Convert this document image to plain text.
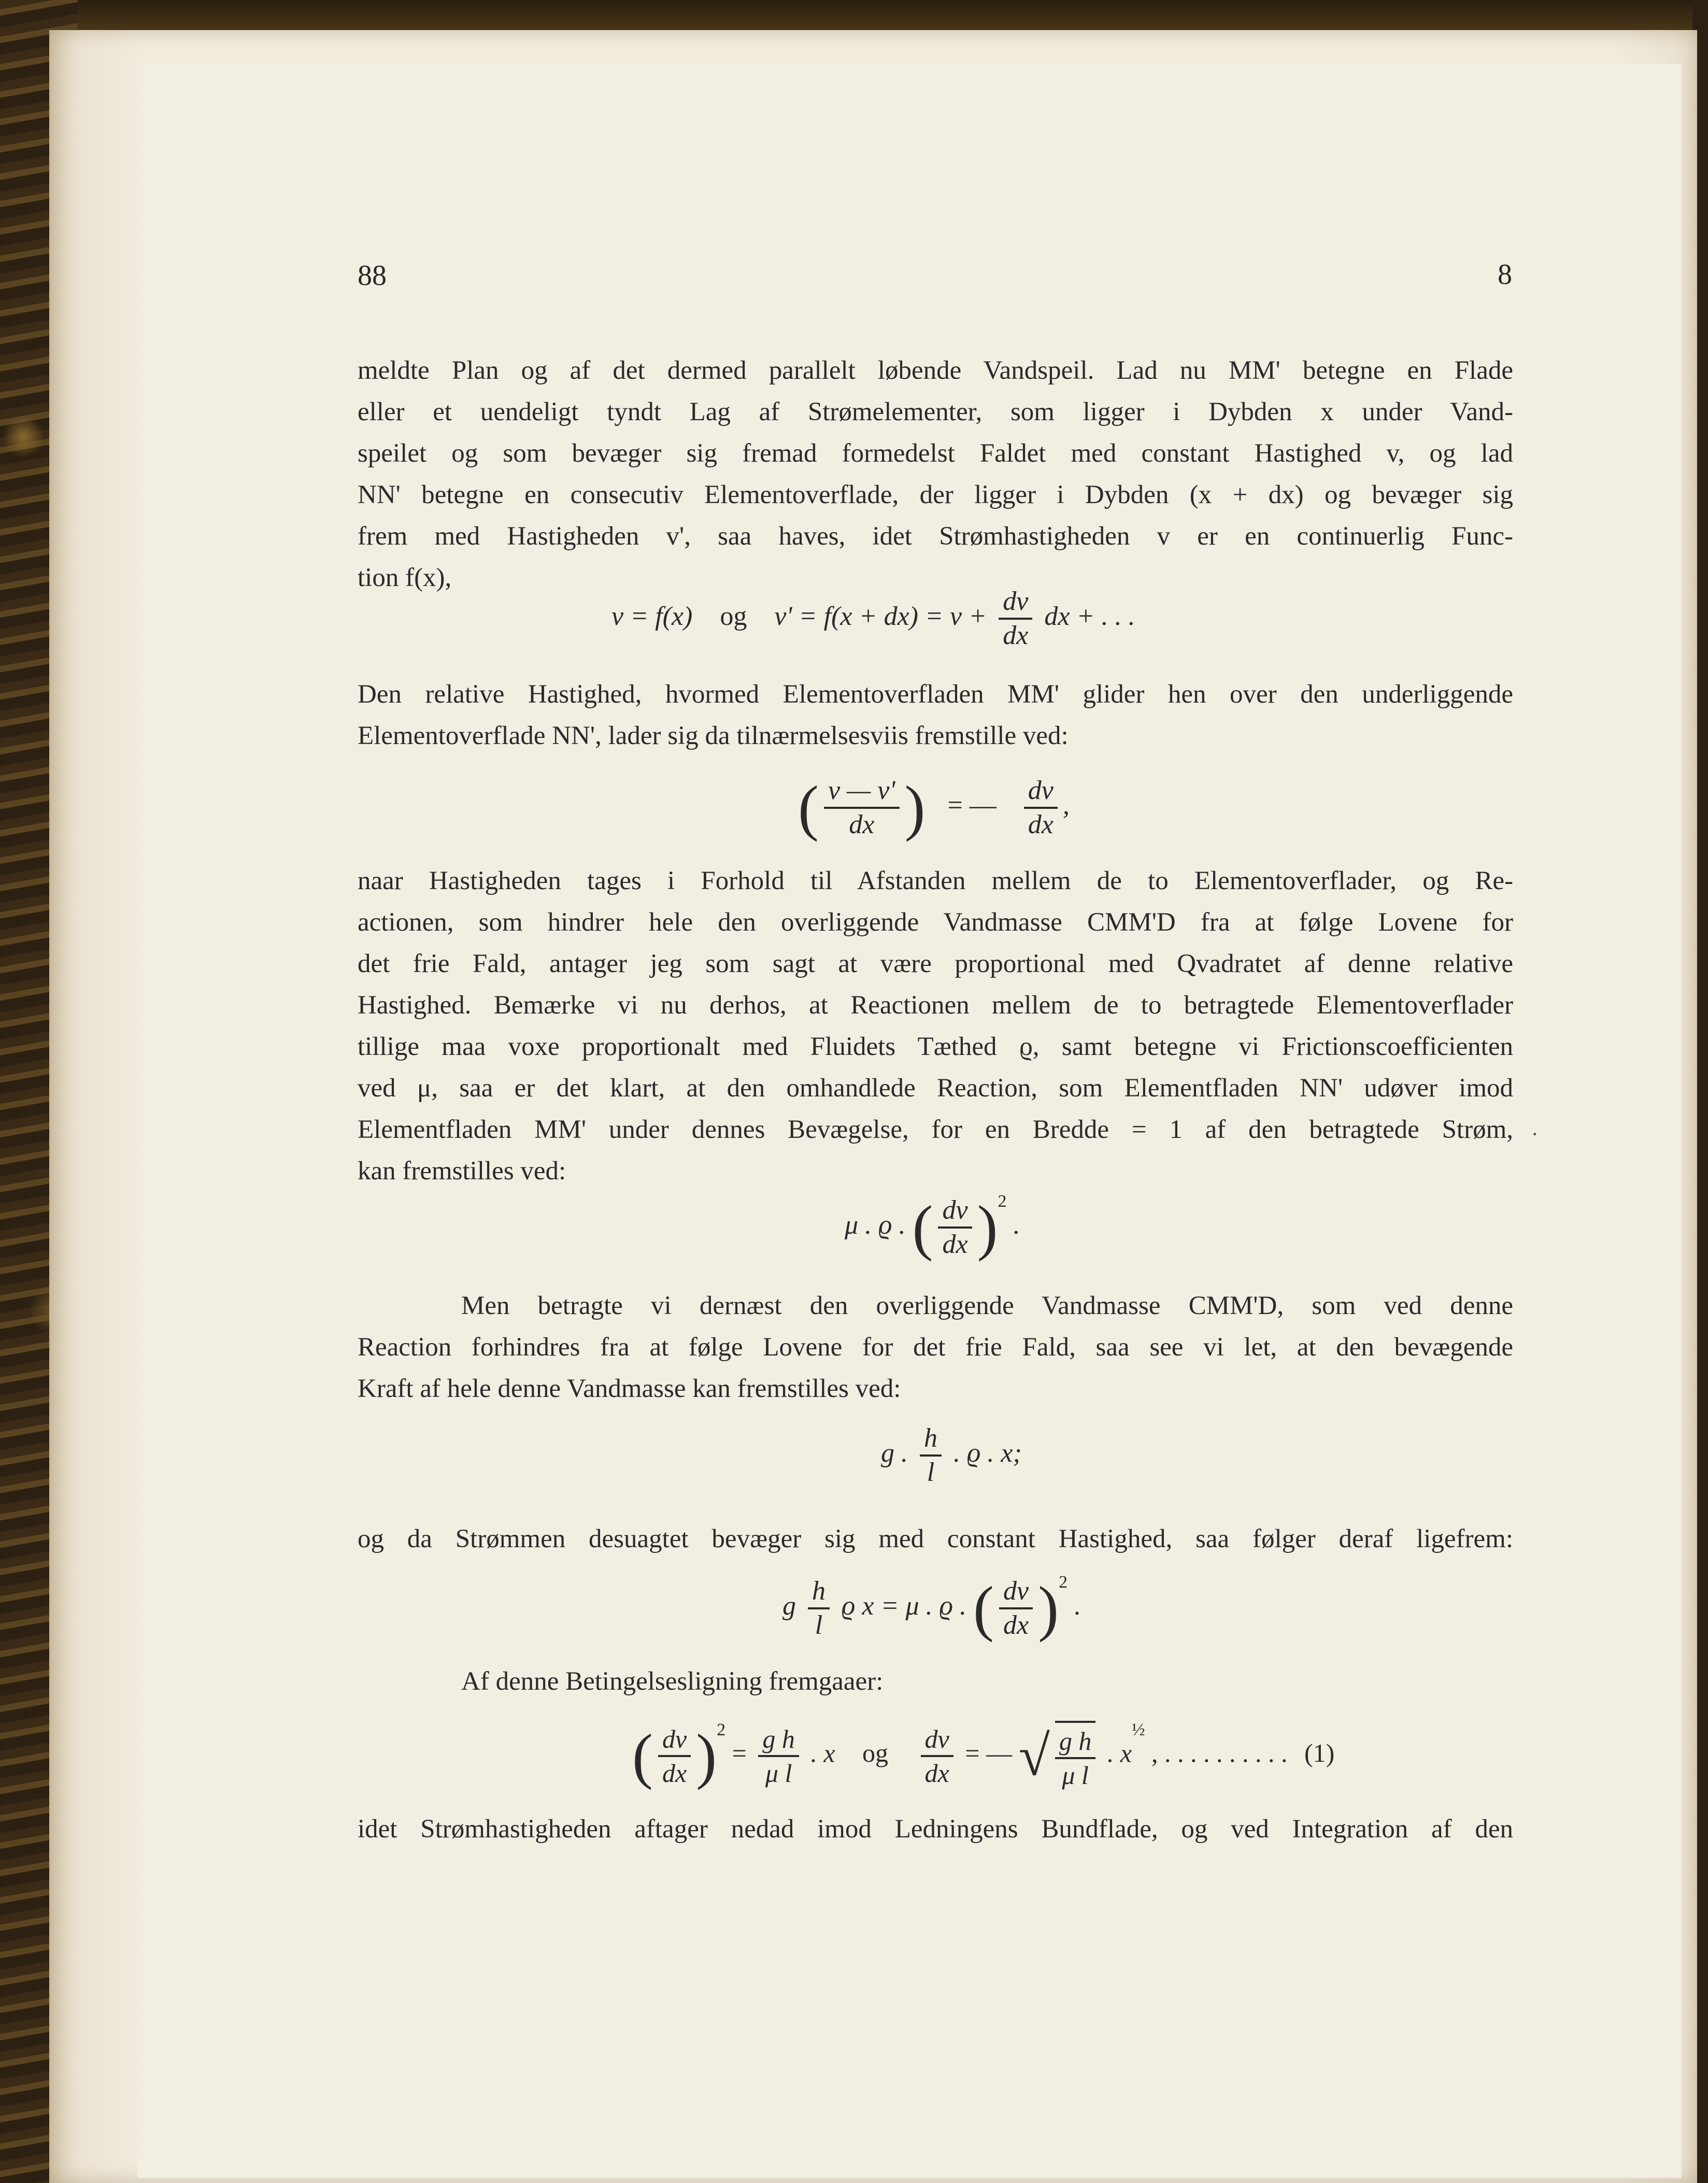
88	8
meldte Plan og af det dermed parallelt løbende Vandspeil. Lad nu MM' betegne en Flade
eller et uendeligt tyndt Lag af Strømelementer, som ligger i Dybden x under Vand-
speilet og som bevæger sig fremad formedelst Faldet med constant Hastighed v, og lad
NN' betegne en consecutiv Elementoverflade, der ligger i Dybden (x + dx) og bevæger sig
frem med Hastigheden v', saa haves, idet Strømhastigheden v er en continuerlig Func-
tion f(x),
v = f(x) og $v' = f(x + dx) = v + \frac{dv}{dx}$ dx + . . .
Den relative Hastighed, hvormed Elementoverfladen MM' glider hen over den underliggende
Elementoverflade NN', lader sig da tilnærmelsesviis fremstille ved:
( $\frac{v — v'}{dx}$ ) = — $\frac{dv}{dx}$ ,
naar Hastigheden tages i Forhold til Afstanden mellem de to Elementoverflader, og Re-
actionen, som hindrer hele den overliggende Vandmasse CMM'D fra at følge Lovene for
det frie Fald, antager jeg som sagt at være proportional med Qvadratet af denne relative
Hastighed. Bemærke vi nu derhos, at Reactionen mellem de to betragtede Elementoverflader
tillige maa voxe proportionalt med Fluidets Tæthed ϱ, samt betegne vi Frictionscoefficienten
ved μ, saa er det klart, at den omhandlede Reaction, som Elementfladen NN' udøver imod
Elementfladen MM' under dennes Bevægelse, for en Bredde = 1 af den betragtede Strøm,
kan fremstilles ved:
·
μ . ϱ . ( $\frac{dv}{dx} )^2$ .
Men betragte vi dernæst den overliggende Vandmasse CMM'D, som ved denne
Reaction forhindres fra at følge Lovene for det frie Fald, saa see vi let, at den bevægende
Kraft af hele denne Vandmasse kan fremstilles ved:
g . $\frac{h}{l}$ . ϱ . x;
og da Strømmen desuagtet bevæger sig med constant Hastighed, saa følger deraf ligefrem:
g $\frac{h}{l}$ ϱ x = μ . ϱ . ( $\frac{dv}{dx} )^2$ .
Af denne Betingelsesligning fremgaaer:
( $\frac{dv}{dx} )^2 = \frac{\text{g h}}{\text{μ l}}$ . x og $\frac{dv}{dx}$ = — √ $\frac{\text{g h}}{\text{μ l}}$ . $x^{\frac{1}{2}}$ , . . . . . . . . . . (1)
idet Strømhastigheden aftager nedad imod Ledningens Bundflade, og ved Integration af den
